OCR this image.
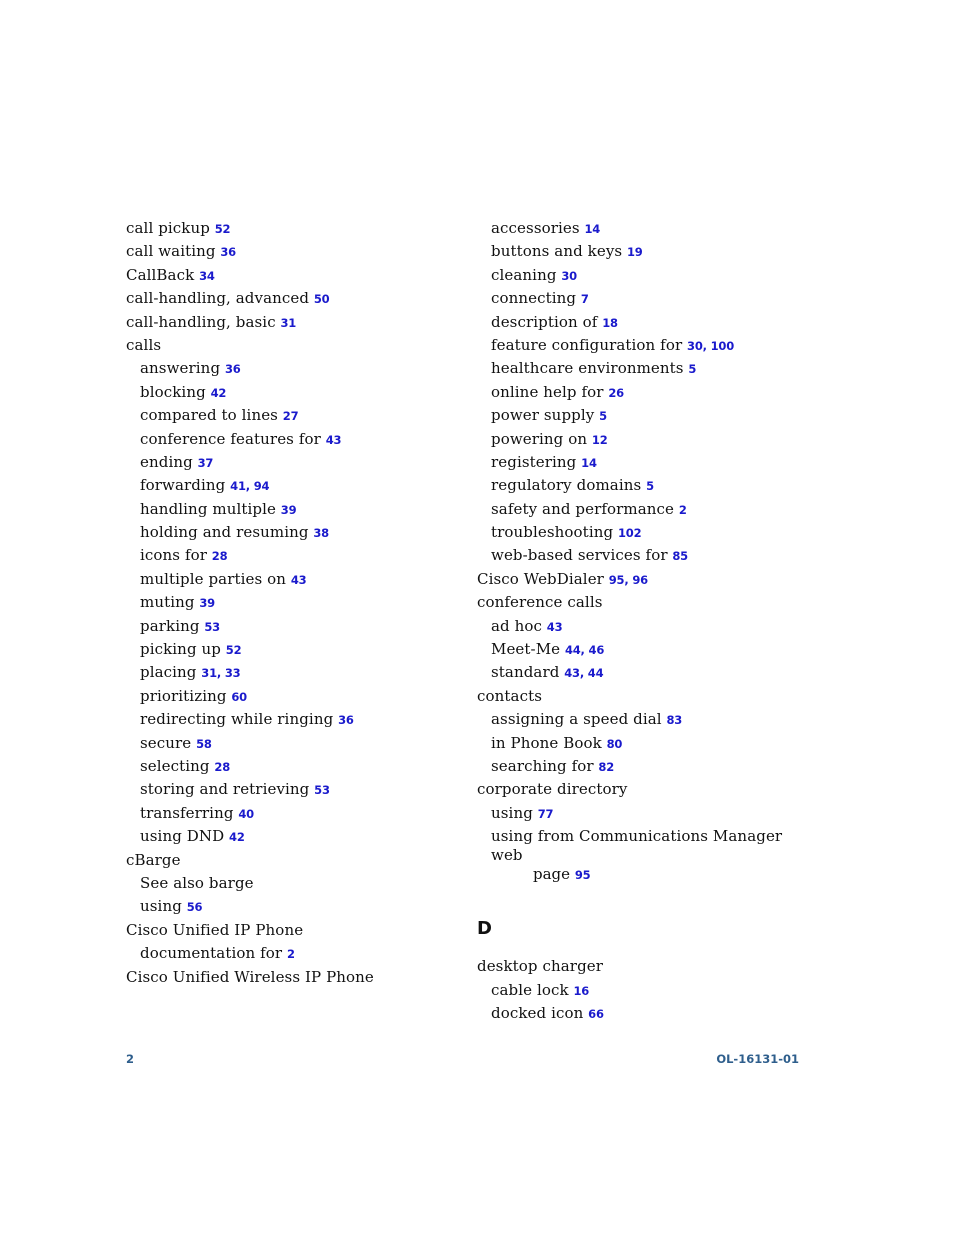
call pickup 52
call waiting 36
CallBack 34
call-handling, advanced 50
call-handling, basic 31
calls
answering 36
blocking 42
compared to lines 27
conference features for 43
ending 37
forwarding 41, 94
handling multiple 39
holding and resuming 38
icons for 28
multiple parties on 43
muting 39
parking 53
picking up 52
placing 31, 33
prioritizing 60
redirecting while ringing 36
secure 58
selecting 28
storing and retrieving 53
transferring 40
using DND 42
cBarge
See also barge
using 56
Cisco Unified IP Phone
documentation for 2
Cisco Unified Wireless IP Phone
accessories 14
buttons and keys 19
cleaning 30
connecting 7
description of 18
feature configuration for 30, 100
healthcare environments 5
online help for 26
power supply 5
powering on 12
registering 14
regulatory domains 5
safety and performance 2
troubleshooting 102
web-based services for 85
Cisco WebDialer 95, 96
conference calls
ad hoc 43
Meet-Me 44, 46
standard 43, 44
contacts
assigning a speed dial 83
in Phone Book 80
searching for 82
corporate directory
using 77
using from Communications Manager web
page 95
D
desktop charger
cable lock 16
docked icon 66
2	OL-16131-01
